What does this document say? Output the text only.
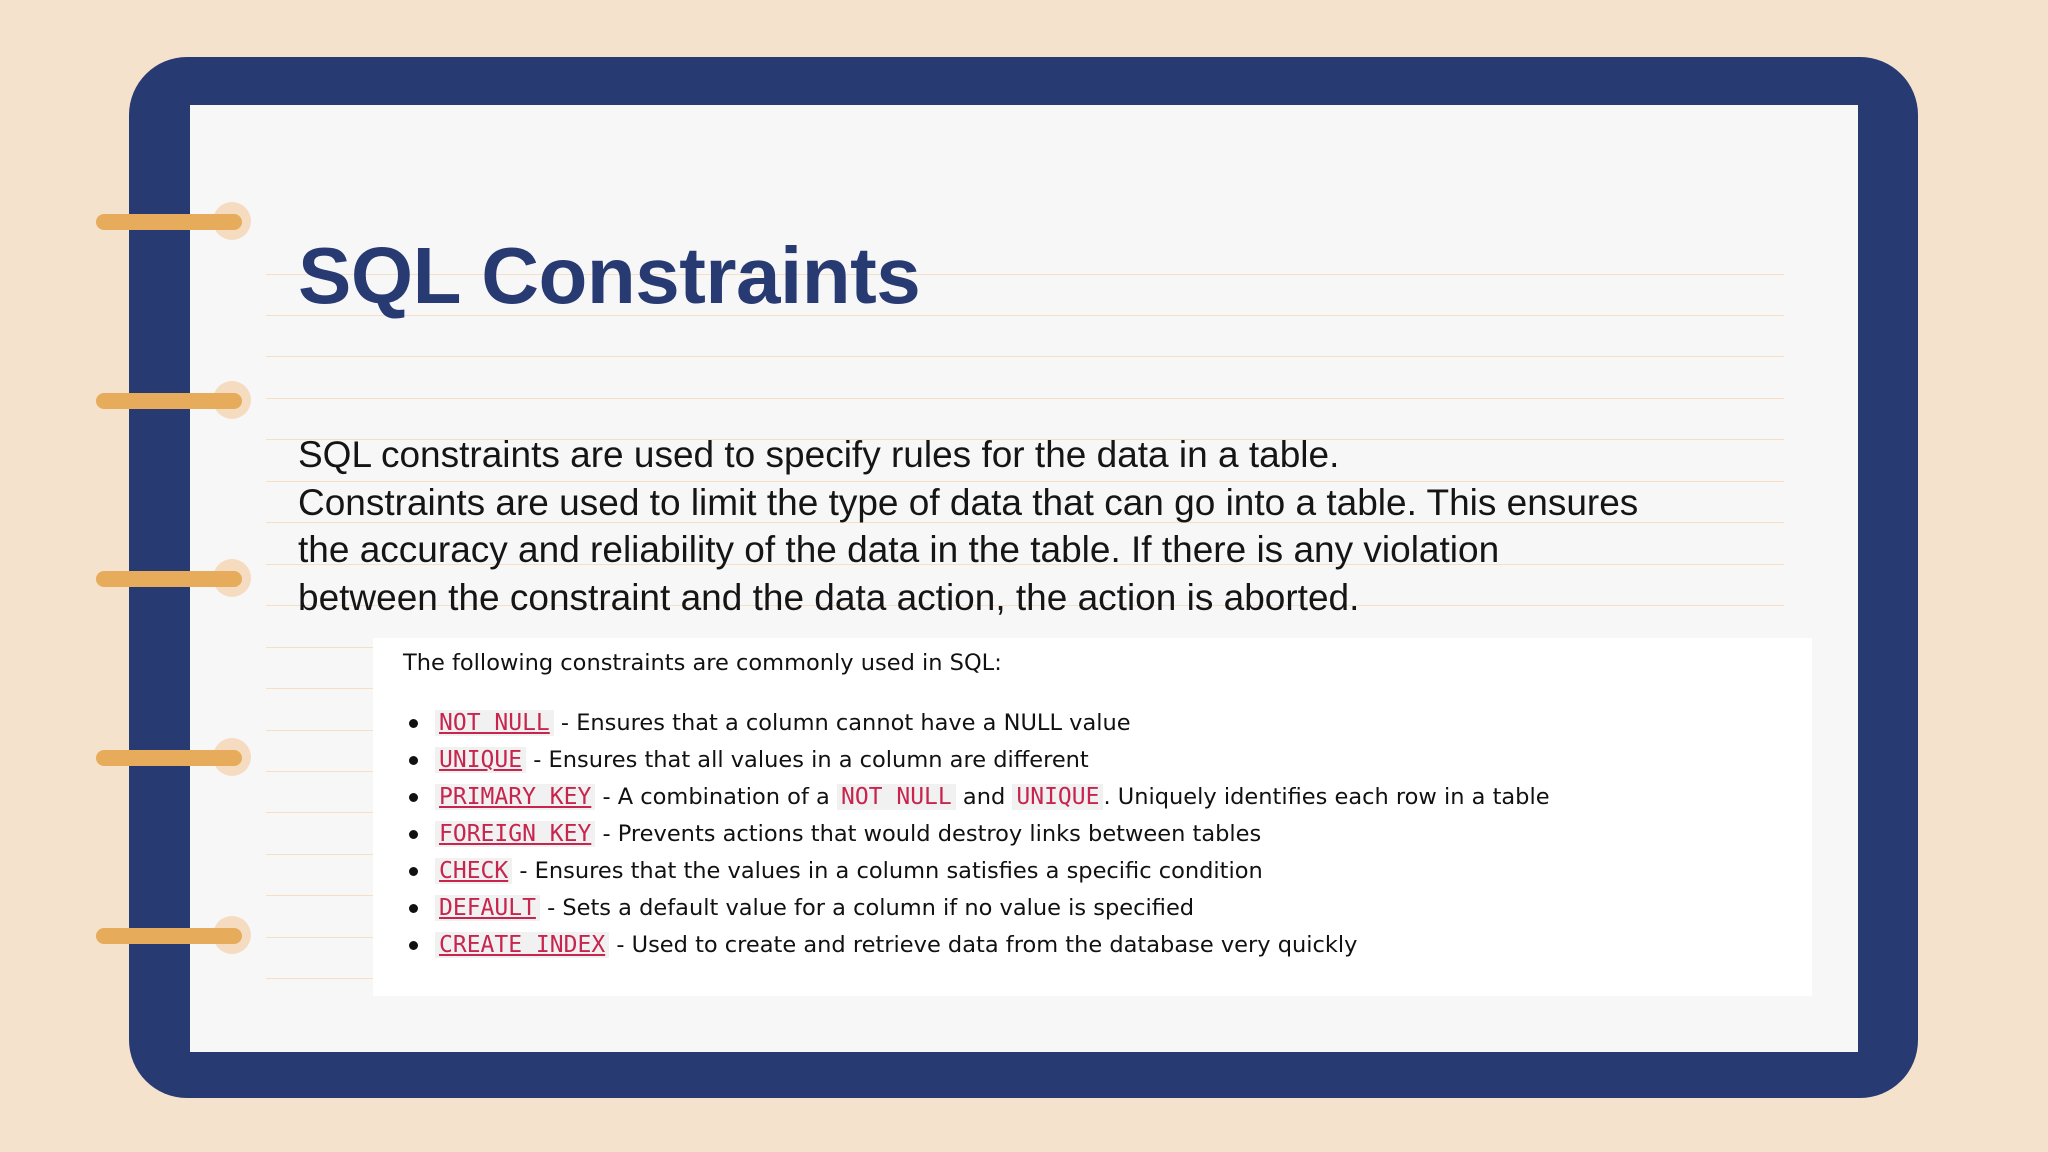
SQL Constraints
SQL constraints are used to specify rules for the data in a table.
Constraints are used to limit the type of data that can go into a table. This ensures
the accuracy and reliability of the data in the table. If there is any violation
between the constraint and the data action, the action is aborted.
The following constraints are commonly used in SQL:
NOT NULL - Ensures that a column cannot have a NULL value
UNIQUE - Ensures that all values in a column are different
PRIMARY KEY - A combination of a NOT NULL and UNIQUE . Uniquely identifies each row in a table
FOREIGN KEY - Prevents actions that would destroy links between tables
CHECK - Ensures that the values in a column satisfies a specific condition
DEFAULT - Sets a default value for a column if no value is specified
CREATE INDEX - Used to create and retrieve data from the database very quickly
